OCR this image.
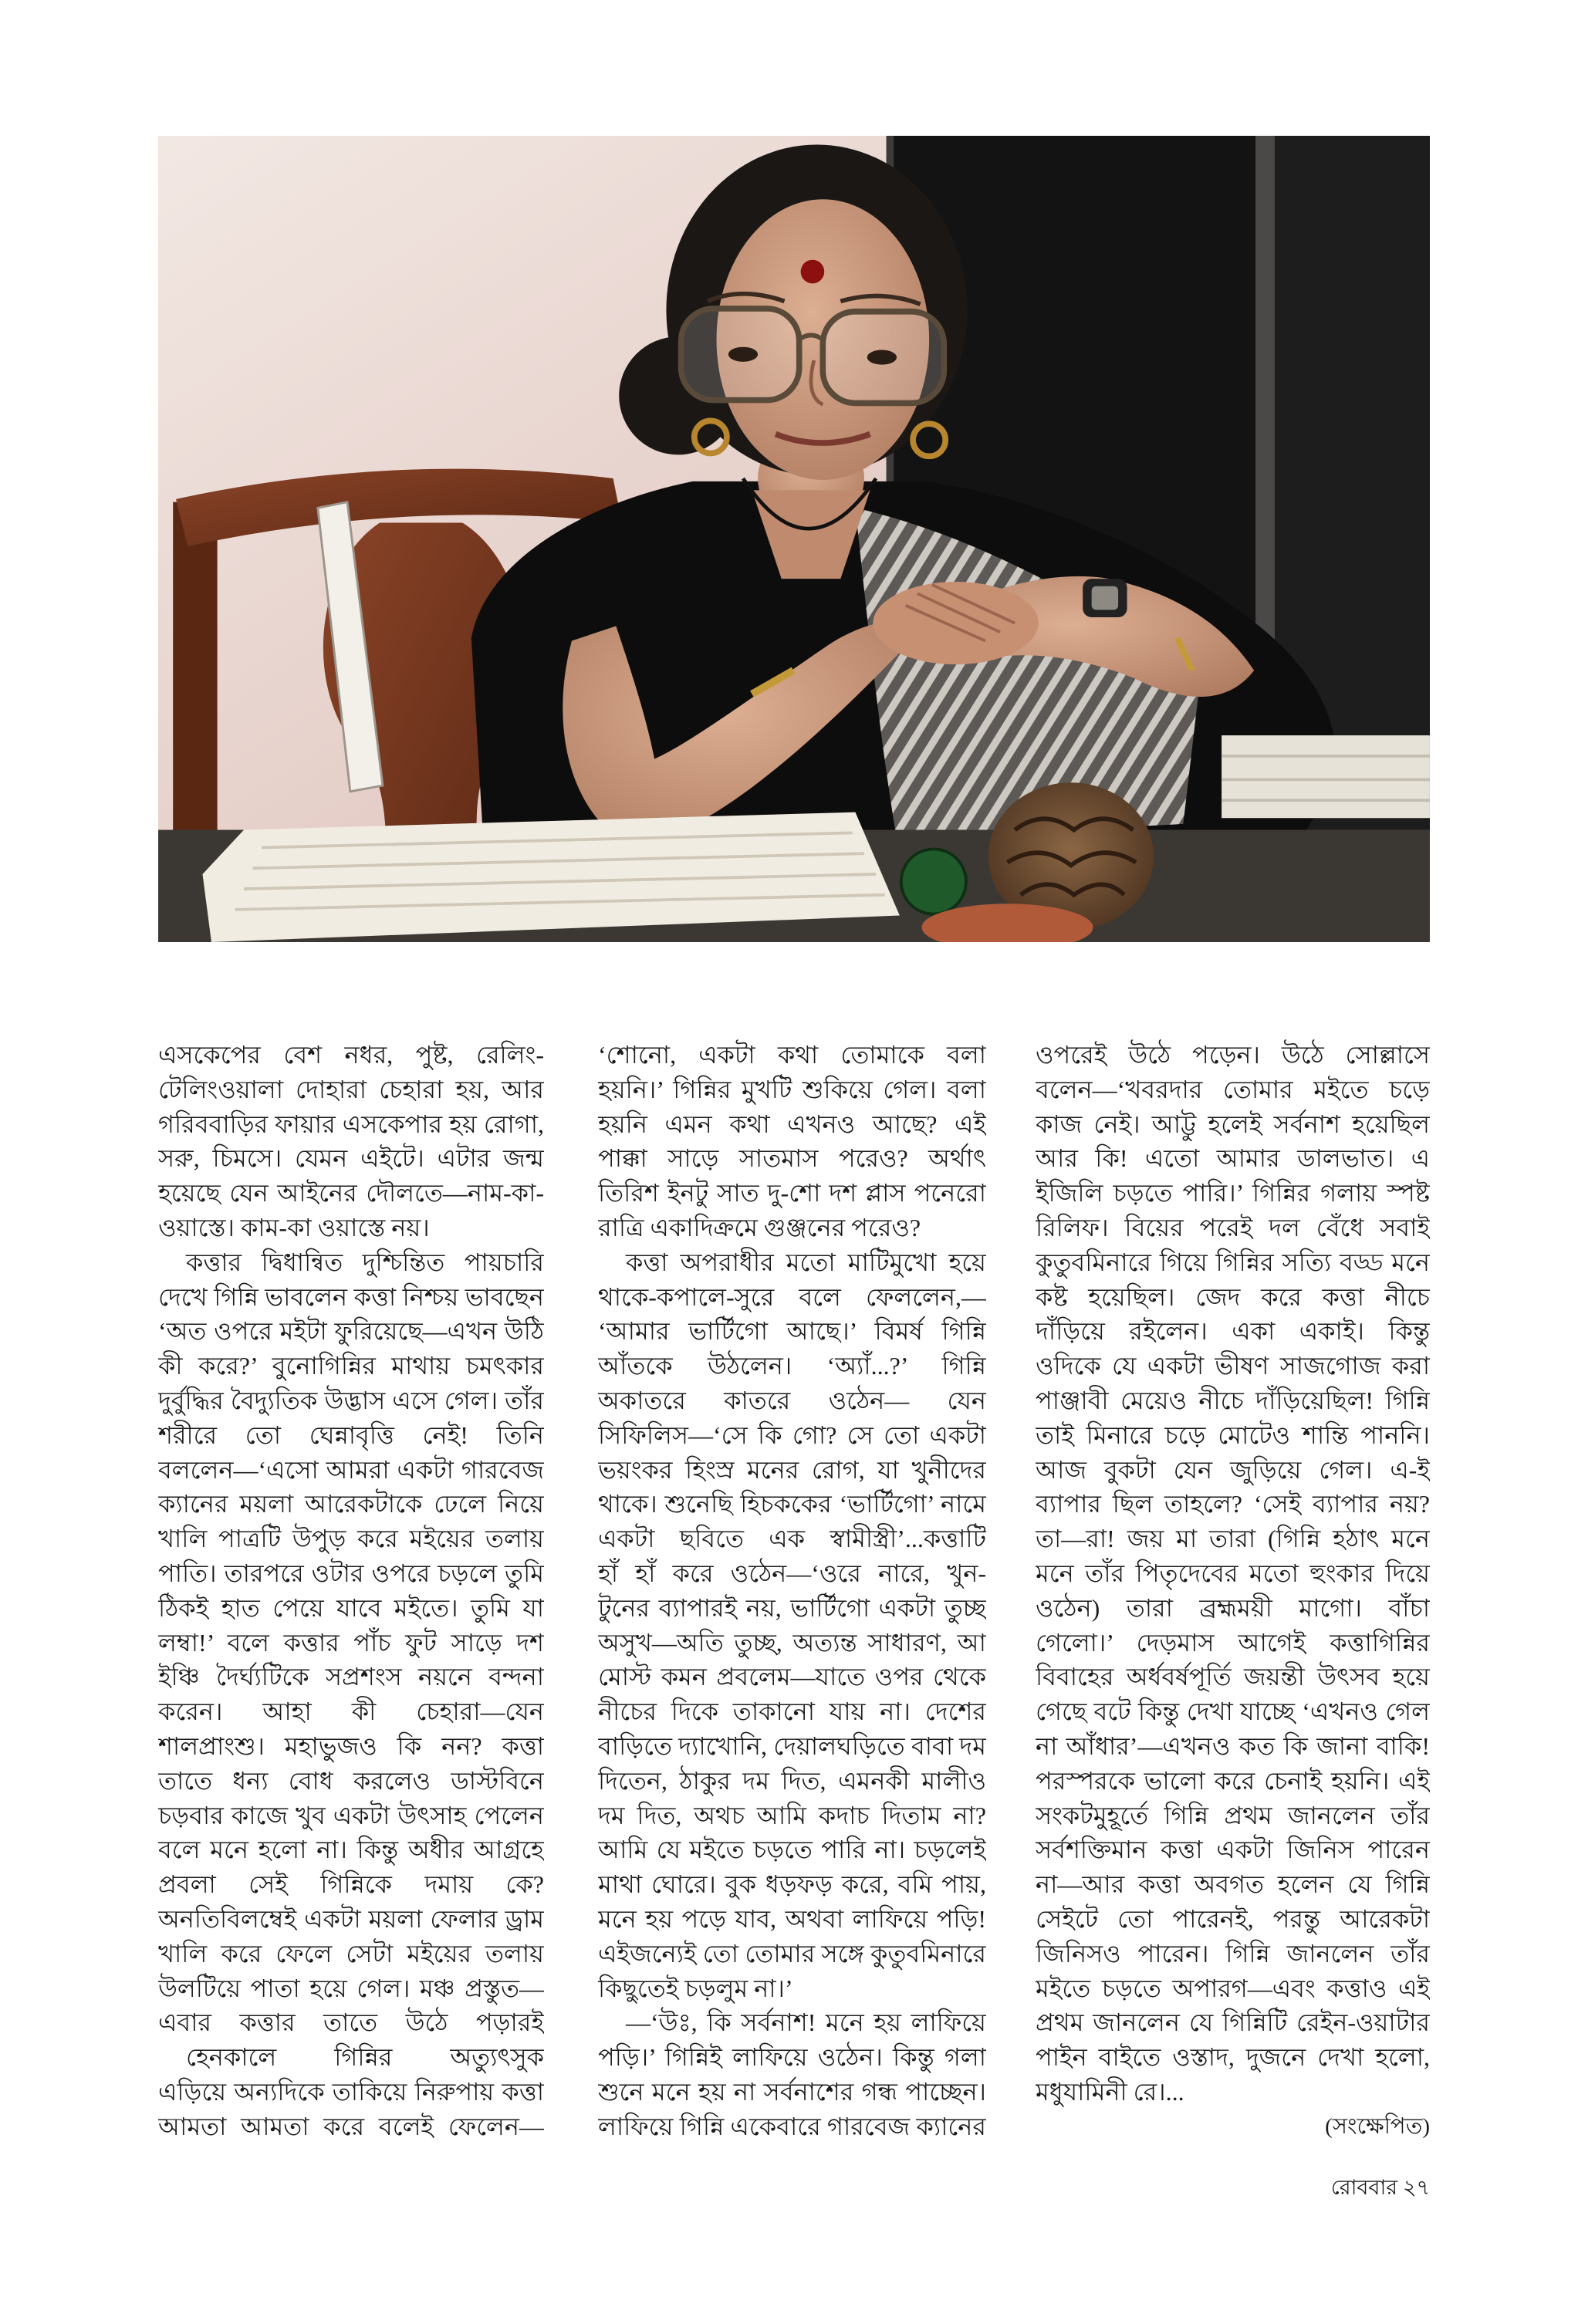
এসকেপের বেশ নধর, পুষ্ট, রেলিং-
টেলিংওয়ালা দোহারা চেহারা হয়, আর
গরিববাড়ির ফায়ার এসকেপার হয় রোগা,
সরু, চিমসে। যেমন এইটে। এটার জন্ম
হয়েছে যেন আইনের দৌলতে—নাম-কা-
ওয়াস্তে। কাম-কা ওয়াস্তে নয়।
কত্তার দ্বিধান্বিত দুশ্চিন্তিত পায়চারি
দেখে গিন্নি ভাবলেন কত্তা নিশ্চয় ভাবছেন
‘অত ওপরে মইটা ফুরিয়েছে—এখন উঠি
কী করে?’ বুনোগিন্নির মাথায় চমৎকার
দুর্বুদ্ধির বৈদ্যুতিক উদ্ভাস এসে গেল। তাঁর
শরীরে তো ঘেন্নাবৃত্তি নেই! তিনি
বললেন—‘এসো আমরা একটা গারবেজ
ক্যানের ময়লা আরেকটাকে ঢেলে নিয়ে
খালি পাত্রটি উপুড় করে মইয়ের তলায়
পাতি। তারপরে ওটার ওপরে চড়লে তুমি
ঠিকই হাত পেয়ে যাবে মইতে। তুমি যা
লম্বা!’ বলে কত্তার পাঁচ ফুট সাড়ে দশ
ইঞ্চি দৈর্ঘ্যটিকে সপ্রশংস নয়নে বন্দনা
করেন। আহা কী চেহারা—যেন
শালপ্রাংশু। মহাভুজও কি নন? কত্তা
তাতে ধন্য বোধ করলেও ডাস্টবিনে
চড়বার কাজে খুব একটা উৎসাহ পেলেন
বলে মনে হলো না। কিন্তু অধীর আগ্রহে
প্রবলা সেই গিন্নিকে দমায় কে?
অনতিবিলম্বেই একটা ময়লা ফেলার ড্রাম
খালি করে ফেলে সেটা মইয়ের তলায়
উলটিয়ে পাতা হয়ে গেল। মঞ্চ প্রস্তুত—
এবার কত্তার তাতে উঠে পড়ারই
হেনকালে গিন্নির অত্যুৎসুক
এড়িয়ে অন্যদিকে তাকিয়ে নিরুপায় কত্তা
আমতা আমতা করে বলেই ফেলেন—
‘শোনো, একটা কথা তোমাকে বলা
হয়নি।’ গিন্নির মুখটি শুকিয়ে গেল। বলা
হয়নি এমন কথা এখনও আছে? এই
পাক্কা সাড়ে সাতমাস পরেও? অর্থাৎ
তিরিশ ইনটু সাত দু-শো দশ প্লাস পনেরো
রাত্রি একাদিক্রমে গুঞ্জনের পরেও?
কত্তা অপরাধীর মতো মাটিমুখো হয়ে
থাকে-কপালে-সুরে বলে ফেললেন,—
‘আমার ভার্টিগো আছে।’ বিমর্ষ গিন্নি
আঁতকে উঠলেন। ‘অ্যাঁ...?’ গিন্নি
অকাতরে কাতরে ওঠেন— যেন
সিফিলিস—‘সে কি গো? সে তো একটা
ভয়ংকর হিংস্র মনের রোগ, যা খুনীদের
থাকে। শুনেছি হিচককের ‘ভার্টিগো’ নামে
একটা ছবিতে এক স্বামীস্ত্রী’...কত্তাটি
হাঁ হাঁ করে ওঠেন—‘ওরে নারে, খুন-
টুনের ব্যাপারই নয়, ভার্টিগো একটা তুচ্ছ
অসুখ—অতি তুচ্ছ, অত্যন্ত সাধারণ, আ
মোস্ট কমন প্রবলেম—যাতে ওপর থেকে
নীচের দিকে তাকানো যায় না। দেশের
বাড়িতে দ্যাখোনি, দেয়ালঘড়িতে বাবা দম
দিতেন, ঠাকুর দম দিত, এমনকী মালীও
দম দিত, অথচ আমি কদাচ দিতাম না?
আমি যে মইতে চড়তে পারি না। চড়লেই
মাথা ঘোরে। বুক ধড়ফড় করে, বমি পায়,
মনে হয় পড়ে যাব, অথবা লাফিয়ে পড়ি!
এইজন্যেই তো তোমার সঙ্গে কুতুবমিনারে
কিছুতেই চড়লুম না।’
—‘উঃ, কি সর্বনাশ! মনে হয় লাফিয়ে
পড়ি।’ গিন্নিই লাফিয়ে ওঠেন। কিন্তু গলা
শুনে মনে হয় না সর্বনাশের গন্ধ পাচ্ছেন।
লাফিয়ে গিন্নি একেবারে গারবেজ ক্যানের
ওপরেই উঠে পড়েন। উঠে সোল্লাসে
বলেন—‘খবরদার তোমার মইতে চড়ে
কাজ নেই। আট্টু হলেই সর্বনাশ হয়েছিল
আর কি! এতো আমার ডালভাত। এ
ইজিলি চড়তে পারি।’ গিন্নির গলায় স্পষ্ট
রিলিফ। বিয়ের পরেই দল বেঁধে সবাই
কুতুবমিনারে গিয়ে গিন্নির সত্যি বড্ড মনে
কষ্ট হয়েছিল। জেদ করে কত্তা নীচে
দাঁড়িয়ে রইলেন। একা একাই। কিন্তু
ওদিকে যে একটা ভীষণ সাজগোজ করা
পাঞ্জাবী মেয়েও নীচে দাঁড়িয়েছিল! গিন্নি
তাই মিনারে চড়ে মোটেও শান্তি পাননি।
আজ বুকটা যেন জুড়িয়ে গেল। এ-ই
ব্যাপার ছিল তাহলে? ‘সেই ব্যাপার নয়?
তা—রা! জয় মা তারা (গিন্নি হঠাৎ মনে
মনে তাঁর পিতৃদেবের মতো হুংকার দিয়ে
ওঠেন) তারা ব্রহ্মময়ী মাগো। বাঁচা
গেলো।’ দেড়মাস আগেই কত্তাগিন্নির
বিবাহের অর্ধবর্ষপূর্তি জয়ন্তী উৎসব হয়ে
গেছে বটে কিন্তু দেখা যাচ্ছে ‘এখনও গেল
না আঁধার’—এখনও কত কি জানা বাকি!
পরস্পরকে ভালো করে চেনাই হয়নি। এই
সংকটমুহূর্তে গিন্নি প্রথম জানলেন তাঁর
সর্বশক্তিমান কত্তা একটা জিনিস পারেন
না—আর কত্তা অবগত হলেন যে গিন্নি
সেইটে তো পারেনই, পরন্তু আরেকটা
জিনিসও পারেন। গিন্নি জানলেন তাঁর
মইতে চড়তে অপারগ—এবং কত্তাও এই
প্রথম জানলেন যে গিন্নিটি রেইন-ওয়াটার
পাইন বাইতে ওস্তাদ, দুজনে দেখা হলো,
মধুযামিনী রে।...
(সংক্ষেপিত)
রোববার ২৭
